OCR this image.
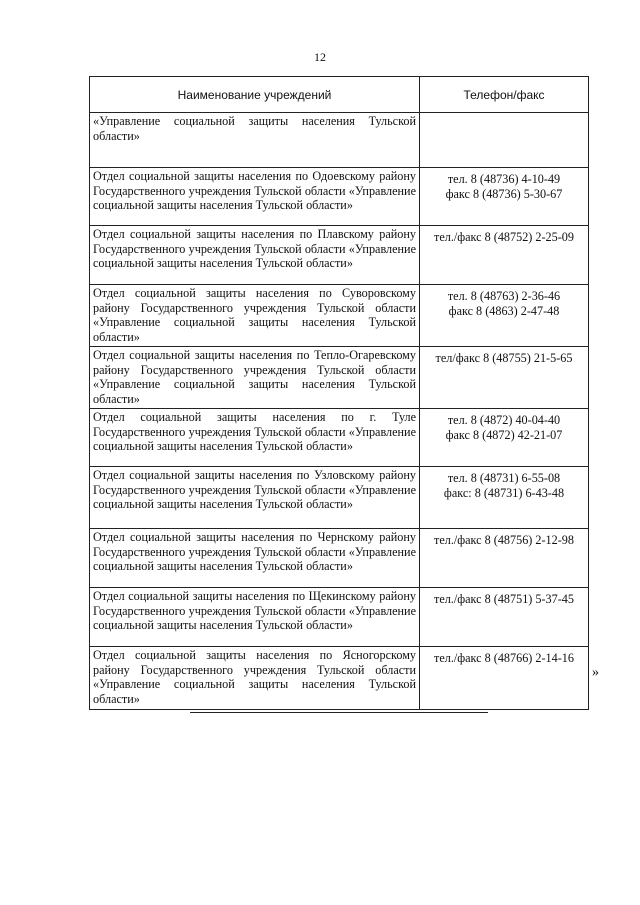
12
Наименование учреждений	Телефон/факс
«Управление социальной защиты населения Тульской области»	
Отдел социальной защиты населения по Одоевскому району Государственного учреждения Тульской области «Управление социальной защиты населения Тульской области»	тел. 8 (48736) 4-10-49
факс 8 (48736) 5-30-67

Отдел социальной защиты населения по Плавскому району Государственного учреждения Тульской области «Управление социальной защиты населения Тульской области»	тел./факс 8 (48752) 2-25-09

Отдел социальной защиты населения по Суворовскому району Государственного учреждения Тульской области «Управление социальной защиты населения Тульской области»	тел. 8 (48763) 2-36-46
факс 8 (4863) 2-47-48

Отдел социальной защиты населения по Тепло-Огаревскому району Государственного учреждения Тульской области «Управление социальной защиты населения Тульской области»	тел/факс 8 (48755) 21-5-65

Отдел социальной защиты населения по г. Туле Государственного учреждения Тульской области «Управление социальной защиты населения Тульской области»	тел. 8 (4872) 40-04-40
факс 8 (4872) 42-21-07

Отдел социальной защиты населения по Узловскому району Государственного учреждения Тульской области «Управление социальной защиты населения Тульской области»	тел. 8 (48731) 6-55-08
факс: 8 (48731) 6-43-48

Отдел социальной защиты населения по Чернскому району Государственного учреждения Тульской области «Управление социальной защиты населения Тульской области»	тел./факс 8 (48756) 2-12-98

Отдел социальной защиты населения по Щекинскому району Государственного учреждения Тульской области «Управление социальной защиты населения Тульской области»	тел./факс 8 (48751) 5-37-45

Отдел социальной защиты населения по Ясногорскому району Государственного учреждения Тульской области «Управление социальной защиты населения Тульской области»	тел./факс 8 (48766) 2-14-16
»
